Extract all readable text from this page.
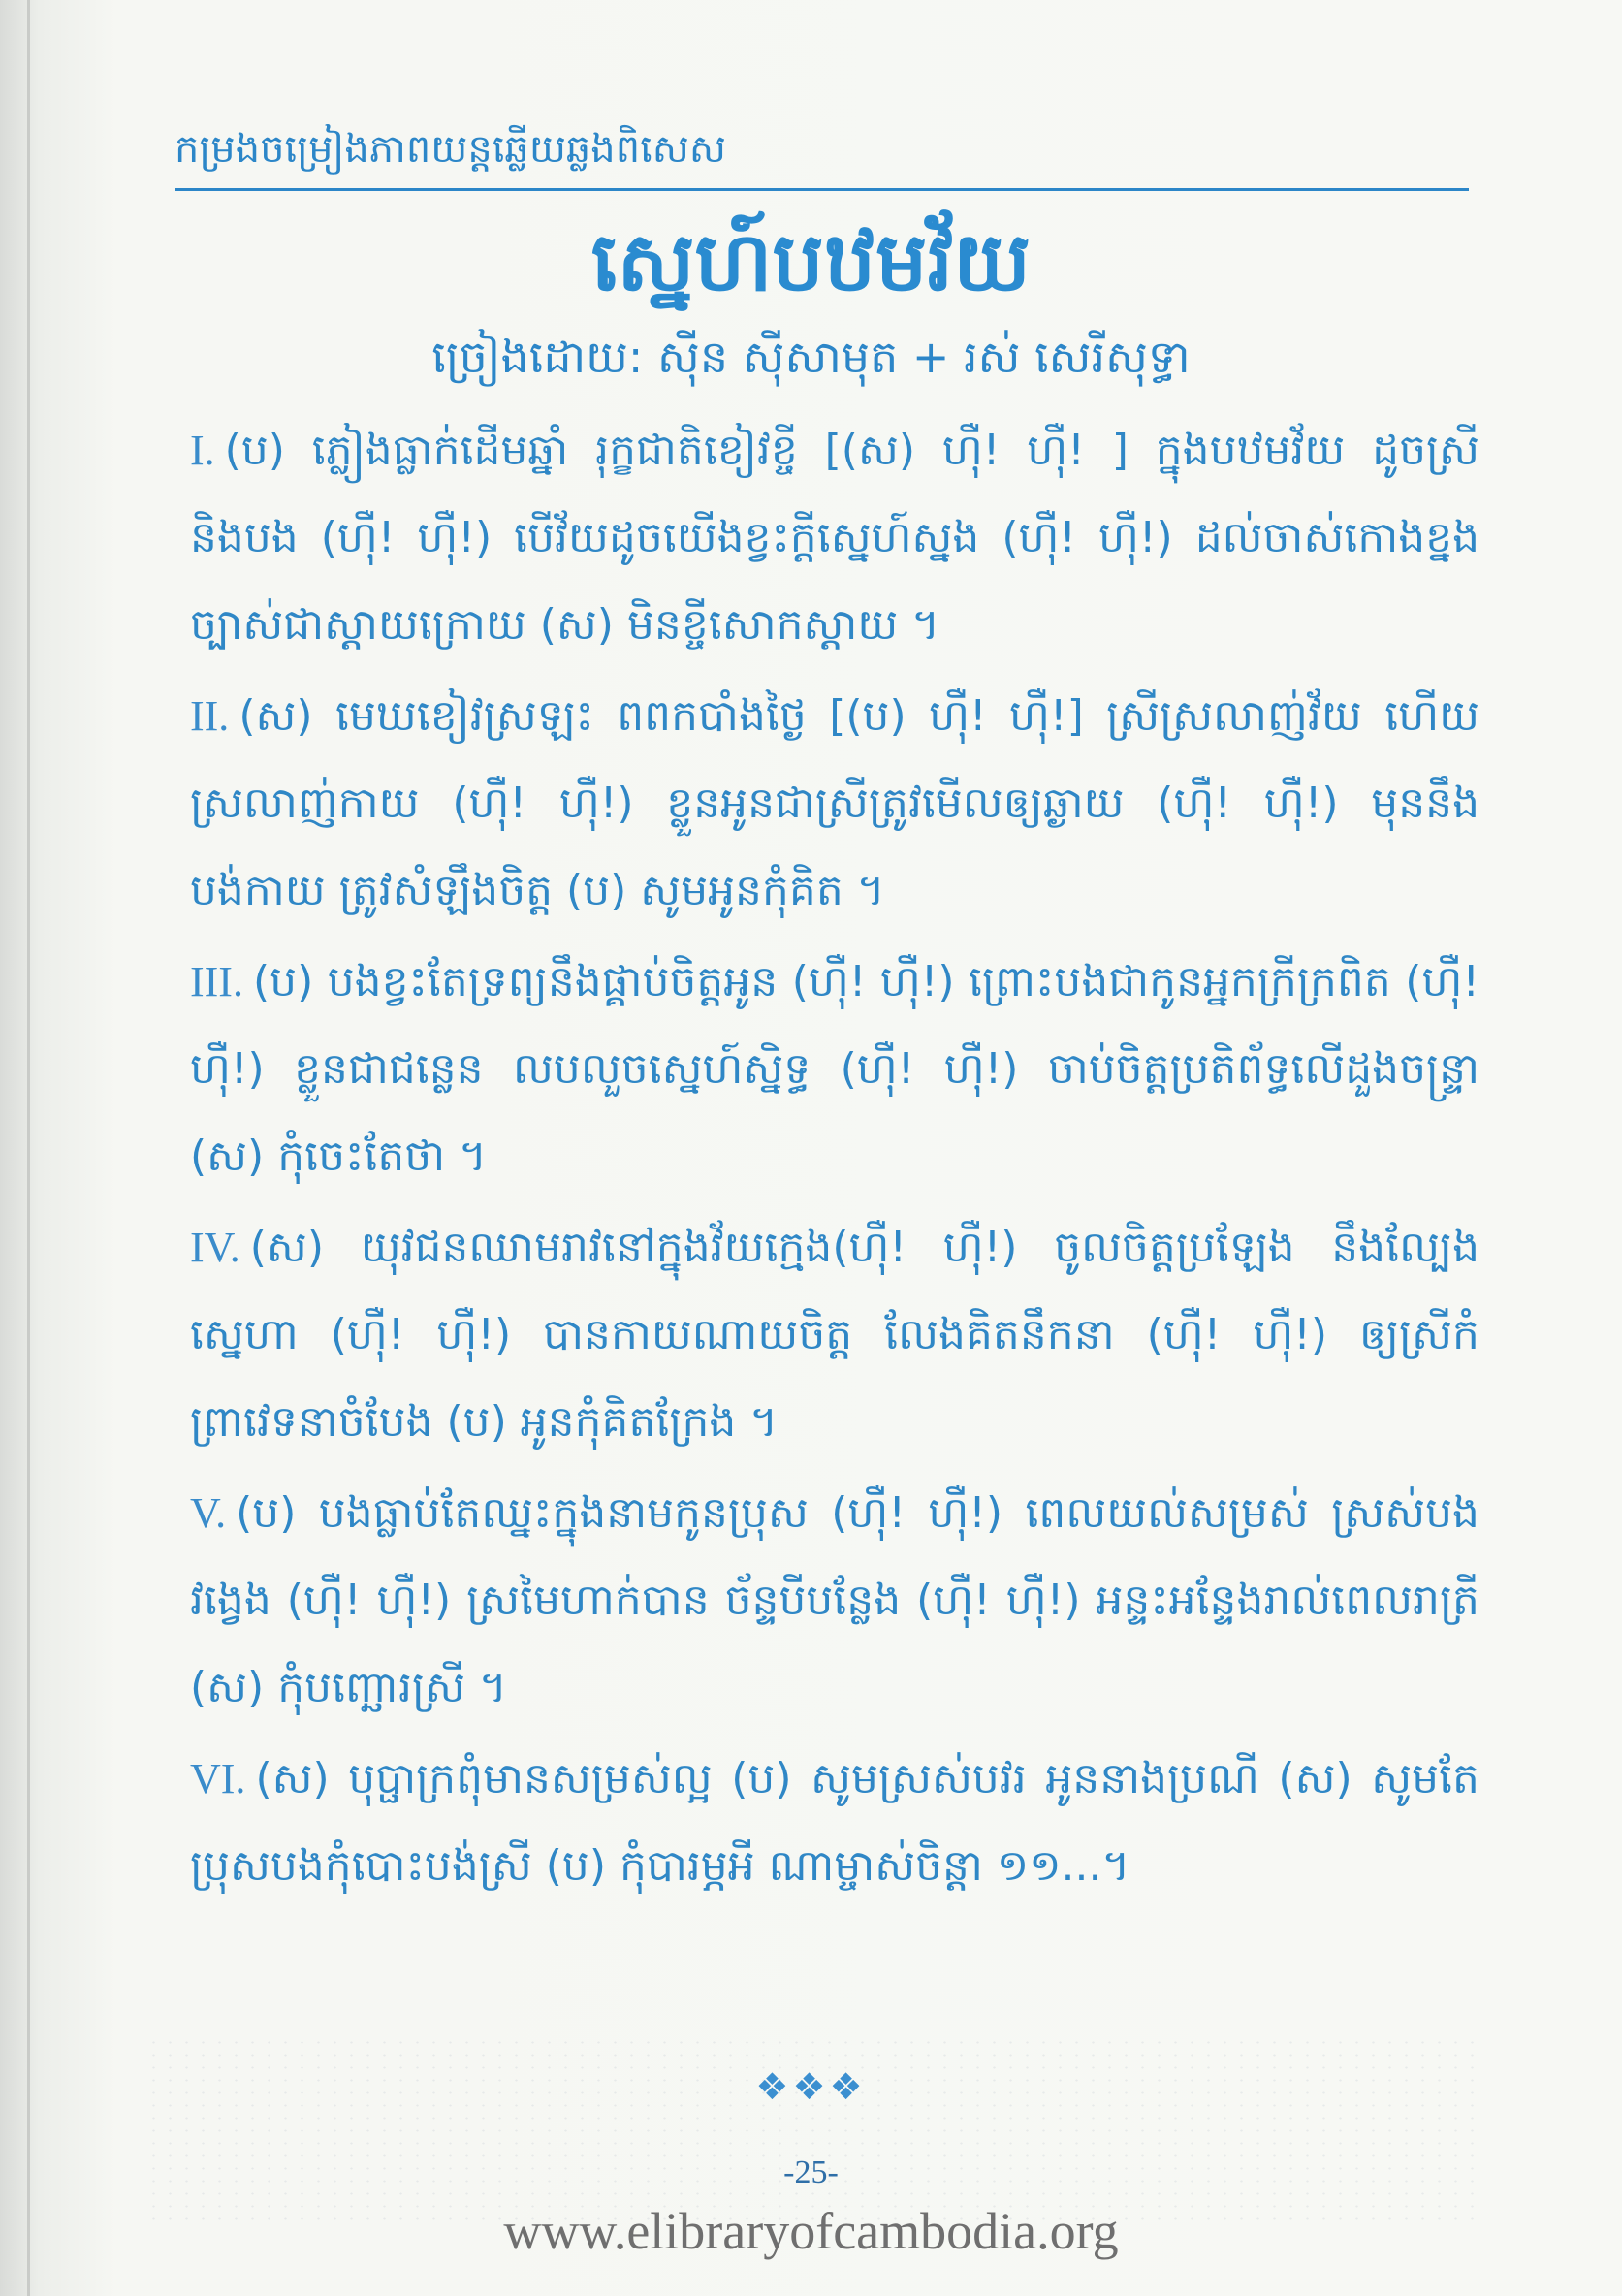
កម្រងចម្រៀងភាពយន្តឆ្លើយឆ្លងពិសេស
ស្នេហ៍បឋមវ័យ
ច្រៀងដោយ: ស៊ីន ស៊ីសាមុត + រស់ សេរីសុទ្ធា

I. (ប) ភ្លៀងធ្លាក់ដើមឆ្នាំ រុក្ខជាតិខៀវខ្ចី [(ស) ហ៊ឺ! ហ៊ឺ! ] ក្នុងបឋមវ័យ ដូចស្រីនិងបង (ហ៊ឺ! ហ៊ឺ!) បើវ័យដូចយើងខ្វះក្ដីស្នេហ៍ស្នង (ហ៊ឺ! ហ៊ឺ!) ដល់ចាស់កោងខ្នង ច្បាស់ជាស្ដាយក្រោយ (ស) មិនខ្ចីសោកស្ដាយ ។

II. (ស) មេឃខៀវស្រឡះ ពពកបាំងថ្ងៃ [(ប) ហ៊ឺ! ហ៊ឺ!] ស្រីស្រលាញ់វ័យ ហើយស្រលាញ់កាយ (ហ៊ឺ! ហ៊ឺ!) ខ្លួនអូនជាស្រីត្រូវមើលឲ្យឆ្ងាយ (ហ៊ឺ! ហ៊ឺ!) មុននឹងបង់កាយ ត្រូវសំឡឹងចិត្ត (ប) សូមអូនកុំគិត ។

III. (ប) បងខ្វះតែទ្រព្យនឹងផ្គាប់ចិត្តអូន (ហ៊ឺ! ហ៊ឺ!) ព្រោះបងជាកូនអ្នកក្រីក្រពិត (ហ៊ឺ! ហ៊ឺ!) ខ្លួនជាជន្លេន លបលួចស្នេហ៍ស្និទ្ធ (ហ៊ឺ! ហ៊ឺ!) ចាប់ចិត្តប្រតិព័ទ្ធលើដួងចន្ទ្រា (ស) កុំចេះតែថា ។

IV. (ស) យុវជនឈាមរាវនៅក្នុងវ័យក្មេង(ហ៊ឺ! ហ៊ឺ!) ចូលចិត្តប្រឡែង នឹងល្បែងស្នេហា (ហ៊ឺ! ហ៊ឺ!) បានកាយណាយចិត្ត លែងគិតនឹកនា (ហ៊ឺ! ហ៊ឺ!) ឲ្យស្រីកំព្រាវេទនាចំបែង (ប) អូនកុំគិតក្រែង ។

V. (ប) បងធ្លាប់តែឈ្នះក្នុងនាមកូនប្រុស (ហ៊ឺ! ហ៊ឺ!) ពេលយល់សម្រស់ ស្រស់បងវង្វេង (ហ៊ឺ! ហ៊ឺ!) ស្រមៃហាក់បាន ច័ន្ទបីបន្លែង (ហ៊ឺ! ហ៊ឺ!) អន្ទះអន្ទែងរាល់ពេលរាត្រី (ស) កុំបញ្ឆោរស្រី ។

VI. (ស) បុប្ផាក្រពុំមានសម្រស់ល្អ (ប) សូមស្រស់បវរ អូននាងប្រណី (ស) សូមតែប្រុសបងកុំបោះបង់ស្រី (ប) កុំបារម្ភអី ណាម្ចាស់ចិន្ដា ១១...។

❖❖❖
-25-
www.elibraryofcambodia.org
